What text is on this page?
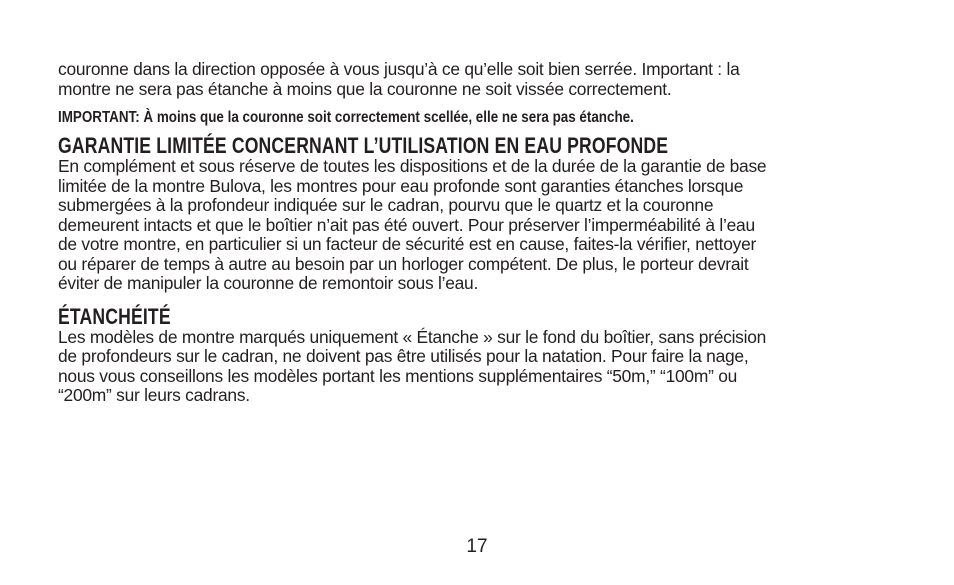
couronne dans la direction opposée à vous jusqu’à ce qu’elle soit bien serrée. Important : la
montre ne sera pas étanche à moins que la couronne ne soit vissée correctement.

IMPORTANT: À moins que la couronne soit correctement scellée, elle ne sera pas étanche.

GARANTIE LIMITÉE CONCERNANT L’UTILISATION EN EAU PROFONDE

En complément et sous réserve de toutes les dispositions et de la durée de la garantie de base
limitée de la montre Bulova, les montres pour eau profonde sont garanties étanches lorsque
submergées à la profondeur indiquée sur le cadran, pourvu que le quartz et la couronne
demeurent intacts et que le boîtier n’ait pas été ouvert. Pour préserver l’imperméabilité à l’eau
de votre montre, en particulier si un facteur de sécurité est en cause, faites-la vérifier, nettoyer
ou réparer de temps à autre au besoin par un horloger compétent. De plus, le porteur devrait
éviter de manipuler la couronne de remontoir sous l’eau.

ÉTANCHÉITÉ

Les modèles de montre marqués uniquement « Étanche » sur le fond du boîtier, sans précision
de profondeurs sur le cadran, ne doivent pas être utilisés pour la natation. Pour faire la nage,
nous vous conseillons les modèles portant les mentions supplémentaires “50m,” “100m” ou
“200m” sur leurs cadrans.

17
